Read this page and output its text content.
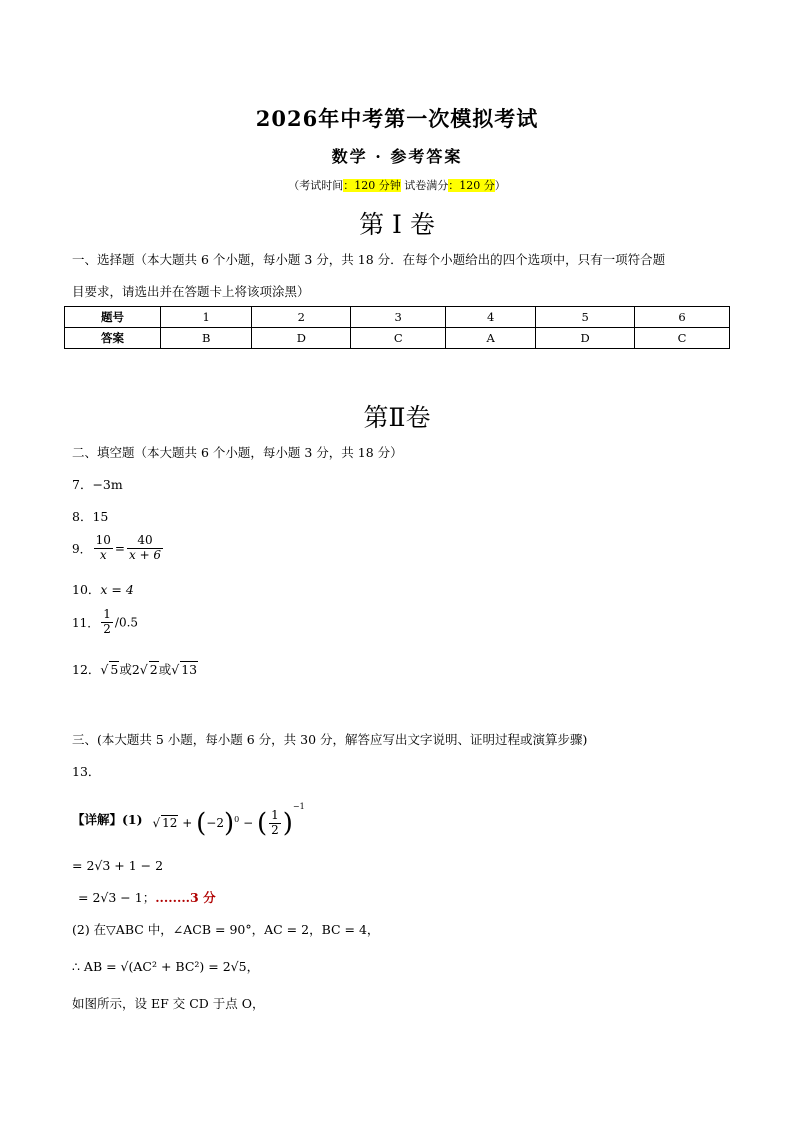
2026年中考第一次模拟考试
数学 · 参考答案
（考试时间：120 分钟 试卷满分：120 分）
第 I 卷
一、选择题（本大题共 6 个小题，每小题 3 分，共 18 分．在每个小题给出的四个选项中，只有一项符合题
目要求，请选出并在答题卡上将该项涂黑）
题号	1	2	3	4	5	6
答案	B	D	C	A	D	C
第Ⅱ卷
二、填空题（本大题共 6 个小题，每小题 3 分，共 18 分）
7．−3m
8．15
9． $\frac{10}{x} = \frac{40}{x + 6}$
10．x = 4
11． $\frac{1}{2} /0.5$
12．√ 5或2√ 2或√ 13
三、(本大题共 5 小题，每小题 6 分，共 30 分，解答应写出文字说明、证明过程或演算步骤)
13．
【详解】(1) √ $12 + (-2)^0$ − ( $\frac{1}{2} )^{-1}$
= 2√3 + 1 − 2
= 2√3 − 1；........3 分
(2) 在▽ABC 中，∠ACB = 90°，AC = 2，BC = 4，
∴ AB = √(AC² + BC²) = 2√5，
如图所示，设 EF 交 CD 于点 O，
